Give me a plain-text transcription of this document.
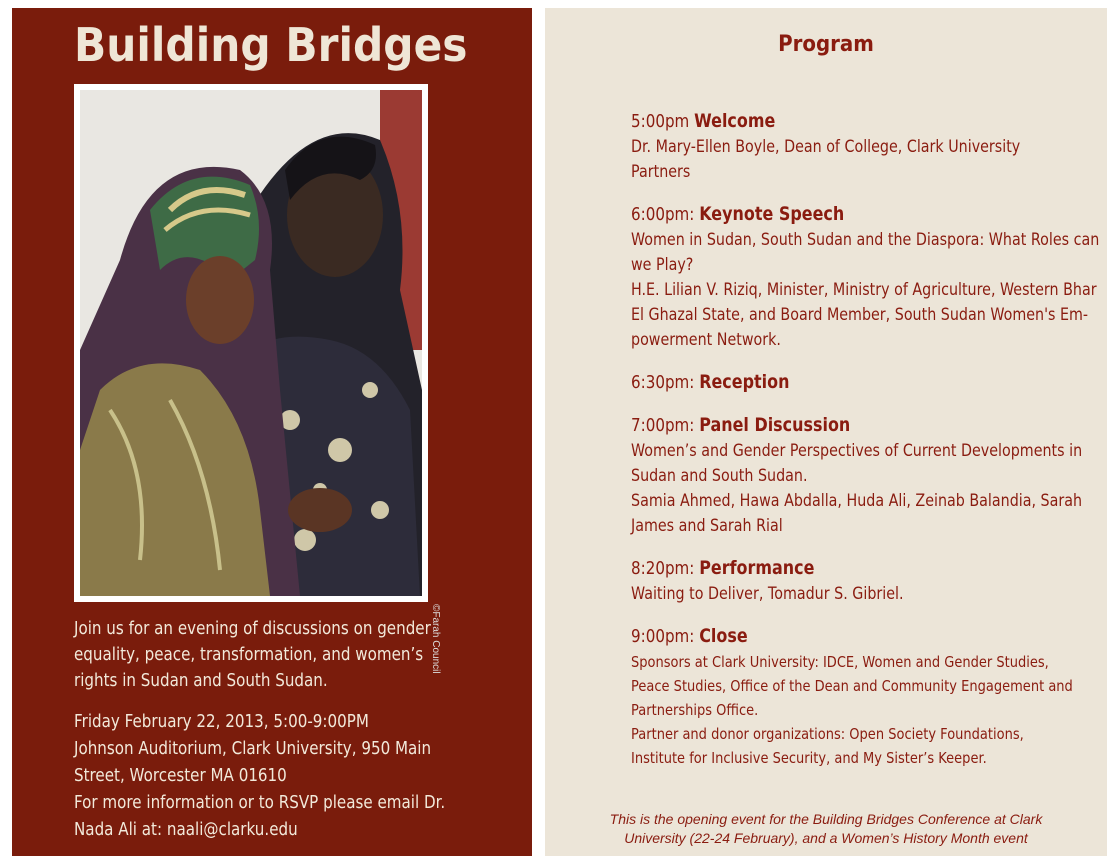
Building Bridges
©Farah Council

Join us for an evening of discussions on gender equality, peace, transformation, and women’s rights in Sudan and South Sudan.

Friday February 22, 2013, 5:00-9:00PM
Johnson Auditorium, Clark University, 950 Main
Street, Worcester MA 01610
For more information or to RSVP please email Dr.
Nada Ali at: naali@clarku.edu
Program
5:00pm Welcome
Dr. Mary-Ellen Boyle, Dean of College, Clark University
Partners
6:00pm: Keynote Speech
Women in Sudan, South Sudan and the Diaspora: What Roles can
we Play?
H.E. Lilian V. Riziq, Minister, Ministry of Agriculture, Western Bhar
El Ghazal State, and Board Member, South Sudan Women's Em-
powerment Network.
6:30pm: Reception
7:00pm: Panel Discussion
Women’s and Gender Perspectives of Current Developments in
Sudan and South Sudan.
Samia Ahmed, Hawa Abdalla, Huda Ali, Zeinab Balandia, Sarah
James and Sarah Rial
8:20pm: Performance
Waiting to Deliver, Tomadur S. Gibriel.
9:00pm: Close
Sponsors at Clark University: IDCE, Women and Gender Studies,
Peace Studies, Office of the Dean and Community Engagement and
Partnerships Office.
Partner and donor organizations: Open Society Foundations,
Institute for Inclusive Security, and My Sister’s Keeper.
This is the opening event for the Building Bridges Conference at Clark
University (22-24 February), and a Women’s History Month event
